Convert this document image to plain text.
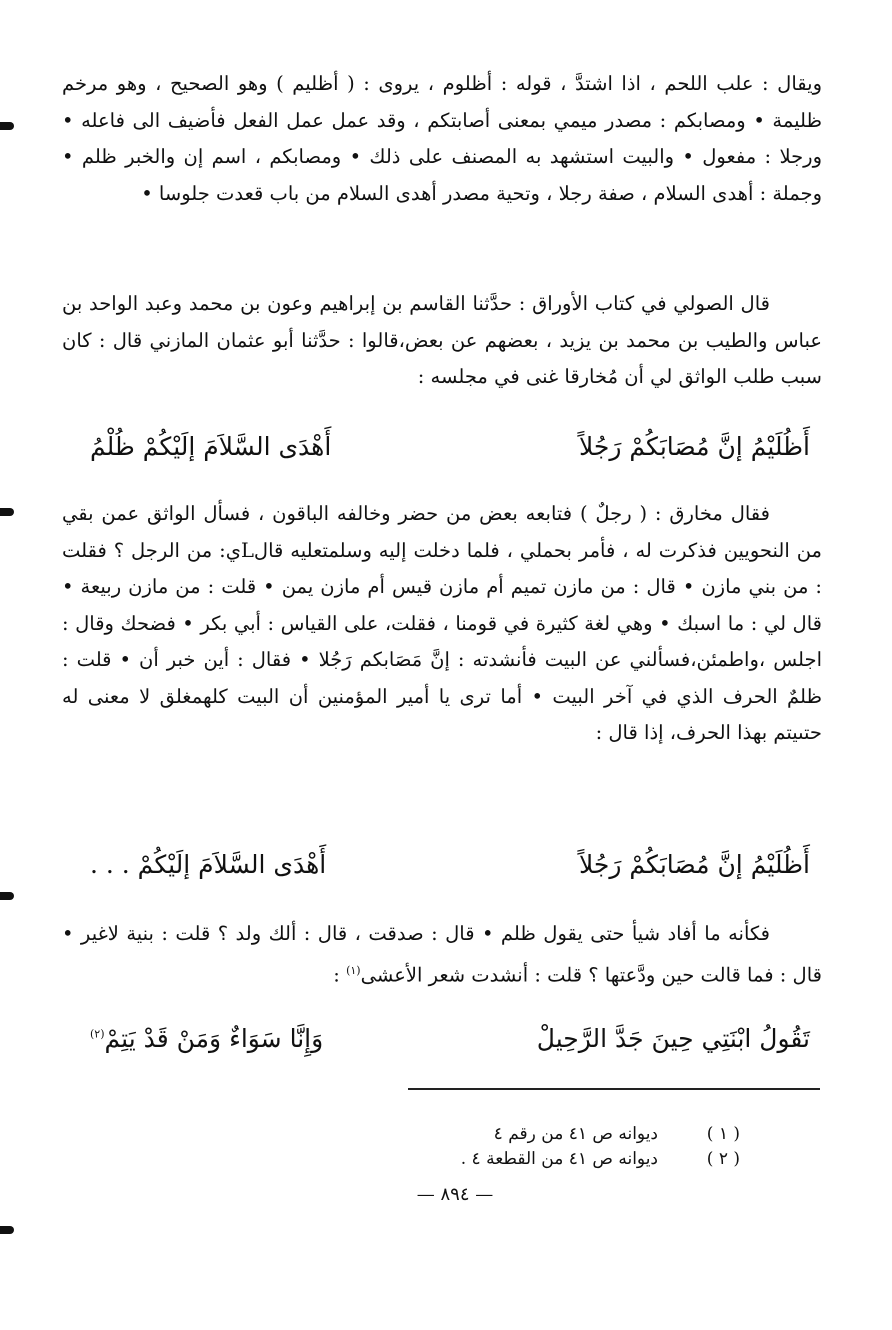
ويقال : علب اللحم ، اذا اشتدَّ ، قوله : أظلوم ، يروى : ( أظليم ) وهو الصحيح ، وهو مرخم ظليمة • ومصابكم : مصدر ميمي بمعنى أصابتكم ، وقد عمل عمل الفعل فأضيف الى فاعله • ورجلا : مفعول • والبيت استشهد به المصنف على ذلك • ومصابكم ، اسم إن والخبر ظلم • وجملة : أهدى السلام ، صفة رجلا ، وتحية مصدر أهدى السلام من باب قعدت جلوسا •

قال الصولي في كتاب الأوراق : حدَّثنا القاسم بن إبراهيم وعون بن محمد وعبد الواحد بن عباس والطيب بن محمد بن يزيد ، بعضهم عن بعض،قالوا : حدَّثنا أبو عثمان المازني قال : كان سبب طلب الواثق لي أن مُخارقا غنى في مجلسه :

أَظُلَيْمُ إنَّ مُصَابَكُمْ رَجُلاً
أَهْدَى السَّلاَمَ إلَيْكُمْ ظُلْمُ

فقال مخارق : ( رجلٌ ) فتابعه بعض من حضر وخالفه الباقون ، فسأل الواثق عمن بقي من النحويين فذكرت له ، فأمر بحملي ، فلما دخلت إليه وسلمتعليه قالLي: من الرجل ؟ فقلت : من بني مازن • قال : من مازن تميم أم مازن قيس أم مازن يمن • قلت : من مازن ربيعة • قال لي : ما اسبك • وهي لغة كثيرة في قومنا ، فقلت، على القياس : أبي بكر • فضحك وقال : اجلس ،واطمئن،فسألني عن البيت فأنشدته : إنَّ مَصَابكم رَجُلا • فقال : أين خبر أن • قلت : ظلمٌ الحرف الذي في آخر البيت • أما ترى يا أمير المؤمنين أن البيت كلهمغلق لا معنى له حتىيتم بهذا الحرف، إذا قال :

أَظُلَيْمُ إنَّ مُصَابَكُمْ رَجُلاً
أَهْدَى السَّلاَمَ إلَيْكُمْ . . .

فكأنه ما أفاد شيأ حتى يقول ظلم • قال : صدقت ، قال : ألك ولد ؟ قلت : بنية لاغير • قال : فما قالت حين ودَّعتها ؟ قلت : أنشدت شعر الأعشى$^{(١)}$ :

تَقُولُ ابْنَتِي حِينَ جَدَّ الرَّحِيلْ
وَإِنَّا سَوَاءٌ وَمَنْ قَدْ يَتِمْ$^{(٢)}$
( ١ )
ديوانه ص ٤١ من رقم ٤
( ٢ )
ديوانه ص ٤١ من القطعة ٤ .
— ٨٩٤ —
